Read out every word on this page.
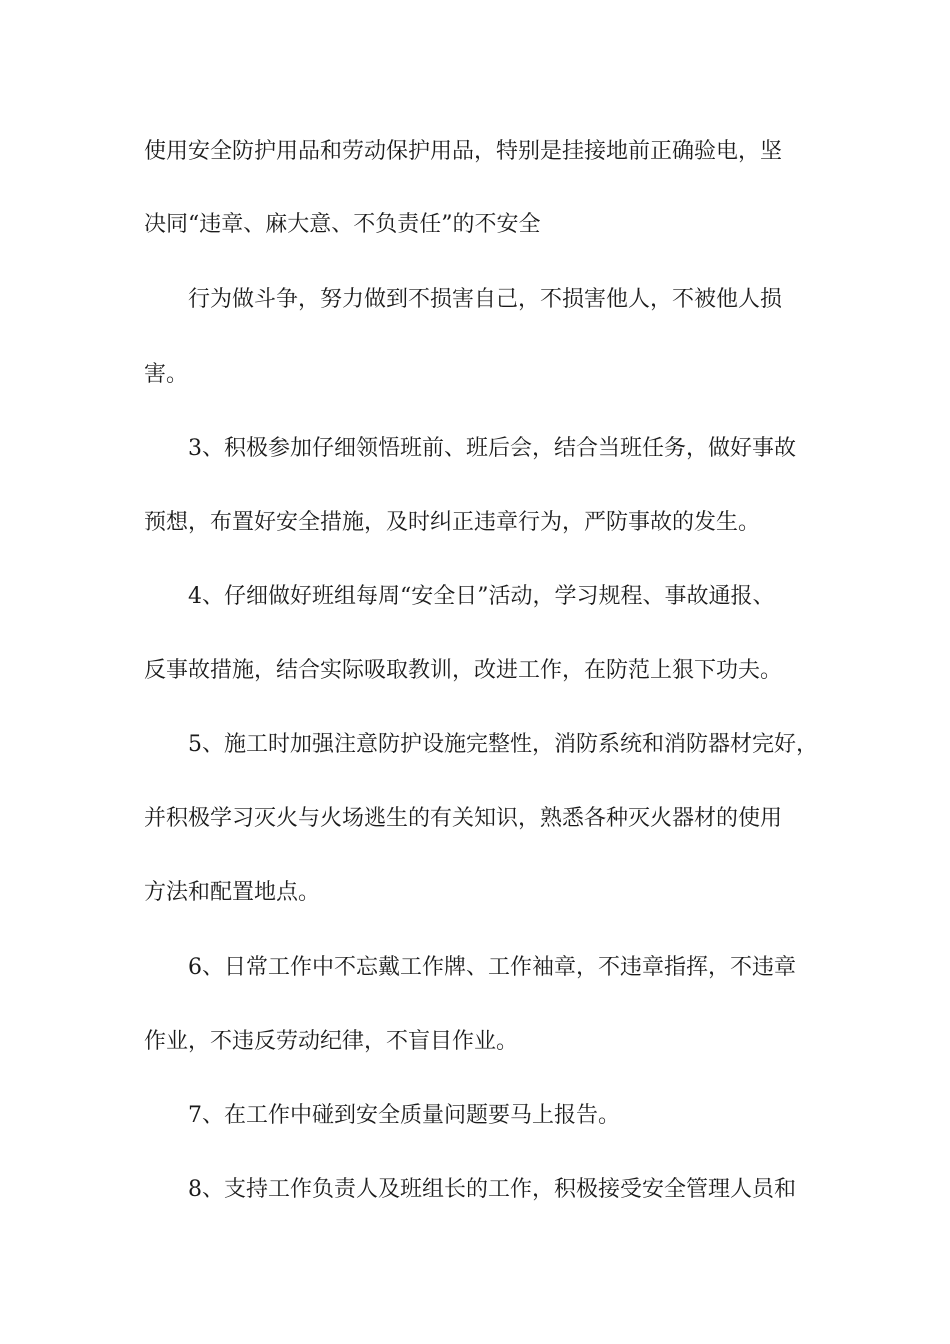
使用安全防护用品和劳动保护用品，特别是挂接地前正确验电，坚
决同“违章、麻大意、不负责任”的不安全
行为做斗争，努力做到不损害自己，不损害他人，不被他人损
害。
3、积极参加仔细领悟班前、班后会，结合当班任务，做好事故
预想，布置好安全措施，及时纠正违章行为，严防事故的发生。
4、仔细做好班组每周“安全日”活动，学习规程、事故通报、
反事故措施，结合实际吸取教训，改进工作，在防范上狠下功夫。
5、施工时加强注意防护设施完整性，消防系统和消防器材完好，
并积极学习灭火与火场逃生的有关知识，熟悉各种灭火器材的使用
方法和配置地点。
6、日常工作中不忘戴工作牌、工作袖章，不违章指挥，不违章
作业，不违反劳动纪律，不盲目作业。
7、在工作中碰到安全质量问题要马上报告。
8、支持工作负责人及班组长的工作，积极接受安全管理人员和
